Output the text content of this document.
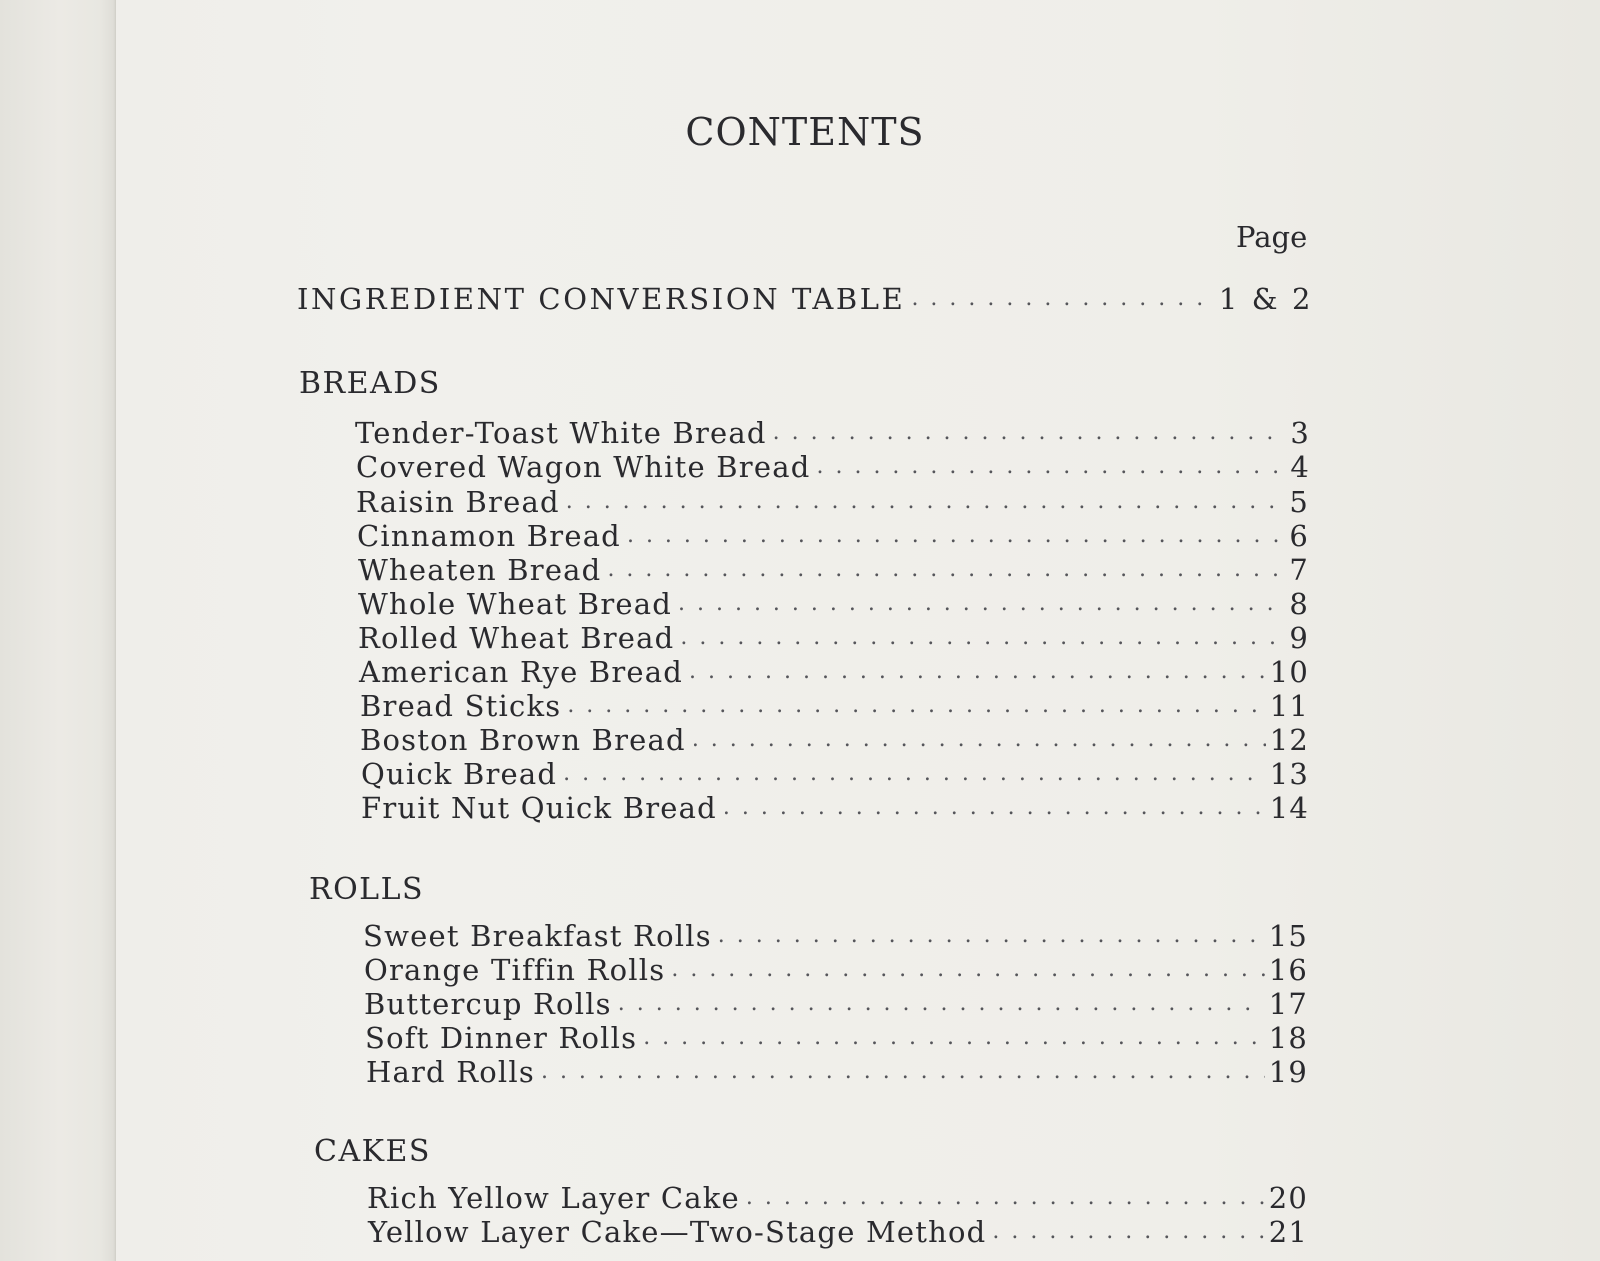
CONTENTS
Page
INGREDIENT CONVERSION TABLE . . .	1 & 2
BREADS
Tender-Toast White Bread . . .	3
Covered Wagon White Bread . . .	4
Raisin Bread . . .	5
Cinnamon Bread . . .	6
Wheaten Bread . . .	7
Whole Wheat Bread . . .	8
Rolled Wheat Bread . . .	9
American Rye Bread . . .	10
Bread Sticks . . .	11
Boston Brown Bread . . .	12
Quick Bread . . .	13
Fruit Nut Quick Bread . . .	14
ROLLS
Sweet Breakfast Rolls . . .	15
Orange Tiffin Rolls . . .	16
Buttercup Rolls . . .	17
Soft Dinner Rolls . . .	18
Hard Rolls . . .	19
CAKES
Rich Yellow Layer Cake . . .	20
Yellow Layer Cake—Two-Stage Method . . .	21
